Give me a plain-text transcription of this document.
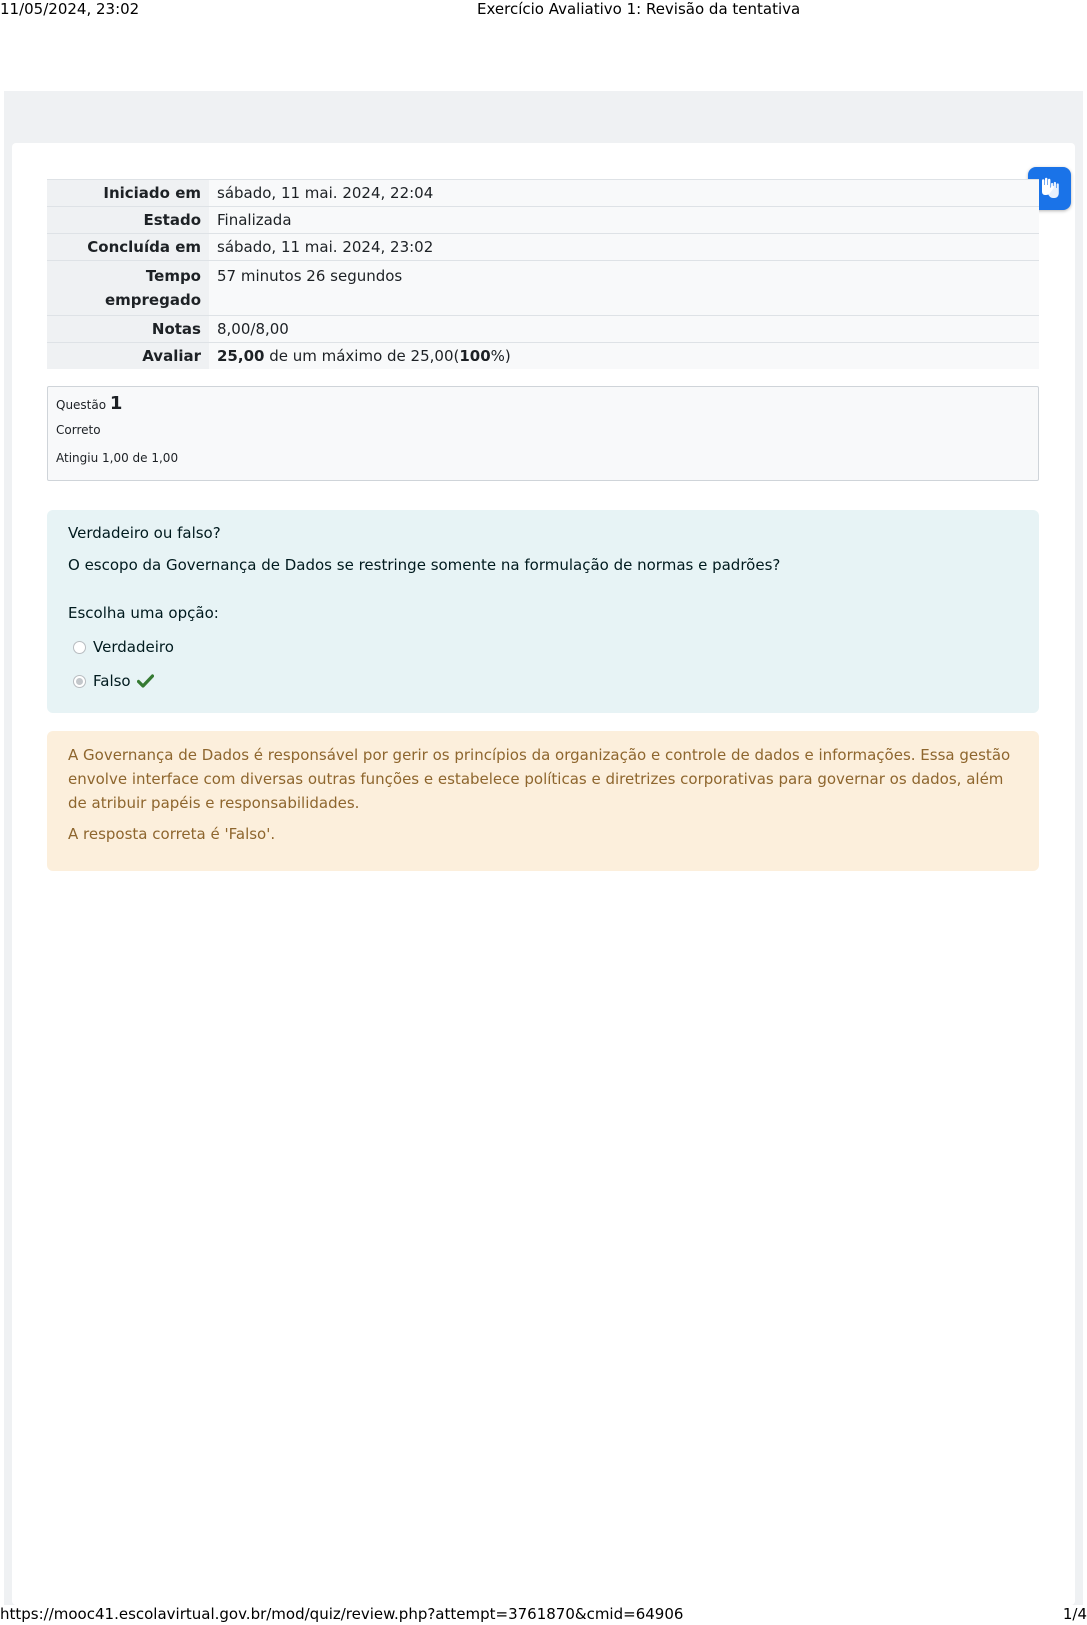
11/05/2024, 23:02	Exercício Avaliativo 1: Revisão da tentativa
Iniciado em	sábado, 11 mai. 2024, 22:04
Estado	Finalizada
Concluída em	sábado, 11 mai. 2024, 23:02
Tempo empregado	57 minutos 26 segundos
Notas	8,00/8,00
Avaliar	25,00 de um máximo de 25,00(100%)
Questão 1
Correto
Atingiu 1,00 de 1,00
Verdadeiro ou falso?
O escopo da Governança de Dados se restringe somente na formulação de normas e padrões?
Escolha uma opção:
Verdadeiro
Falso
A Governança de Dados é responsável por gerir os princípios da organização e controle de dados e informações. Essa gestão envolve interface com diversas outras funções e estabelece políticas e diretrizes corporativas para governar os dados, além de atribuir papéis e responsabilidades.
A resposta correta é 'Falso'.
https://mooc41.escolavirtual.gov.br/mod/quiz/review.php?attempt=3761870&cmid=64906	1/4
